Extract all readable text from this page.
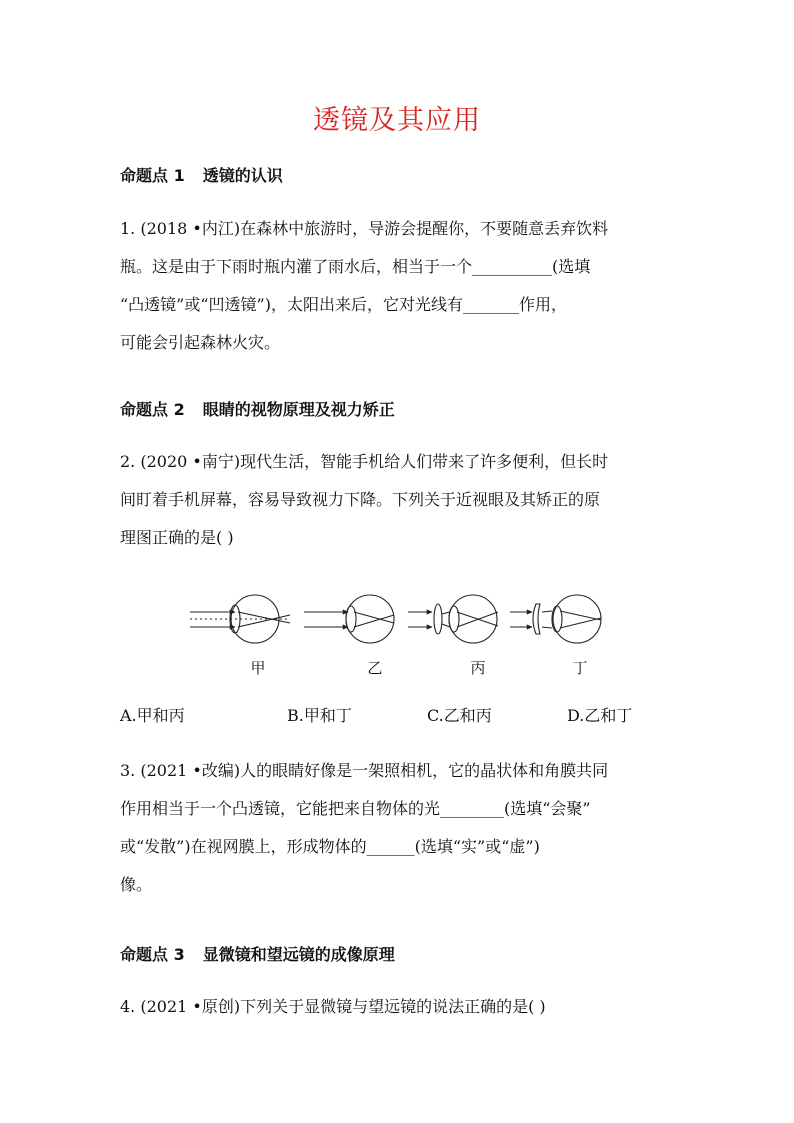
透镜及其应用
命题点 1 透镜的认识

1. (2018 •内江)在森林中旅游时，导游会提醒你，不要随意丢弃饮料

瓶。这是由于下雨时瓶内灌了雨水后，相当于一个__________(选填

“凸透镜”或“凹透镜”)，太阳出来后，它对光线有_______作用，

可能会引起森林火灾。

命题点 2 眼睛的视物原理及视力矫正

2. (2020 •南宁)现代生活，智能手机给人们带来了许多便利，但长时

间盯着手机屏幕，容易导致视力下降。下列关于近视眼及其矫正的原

理图正确的是( )

甲	乙	丙	丁
A.甲和丙	B.甲和丁	C.乙和丙	D.乙和丁

3. (2021 •改编)人的眼睛好像是一架照相机，它的晶状体和角膜共同

作用相当于一个凸透镜，它能把来自物体的光________(选填“会聚”

或“发散”)在视网膜上，形成物体的______(选填“实”或“虚”)

像。

命题点 3 显微镜和望远镜的成像原理

4. (2021 •原创)下列关于显微镜与望远镜的说法正确的是( )
